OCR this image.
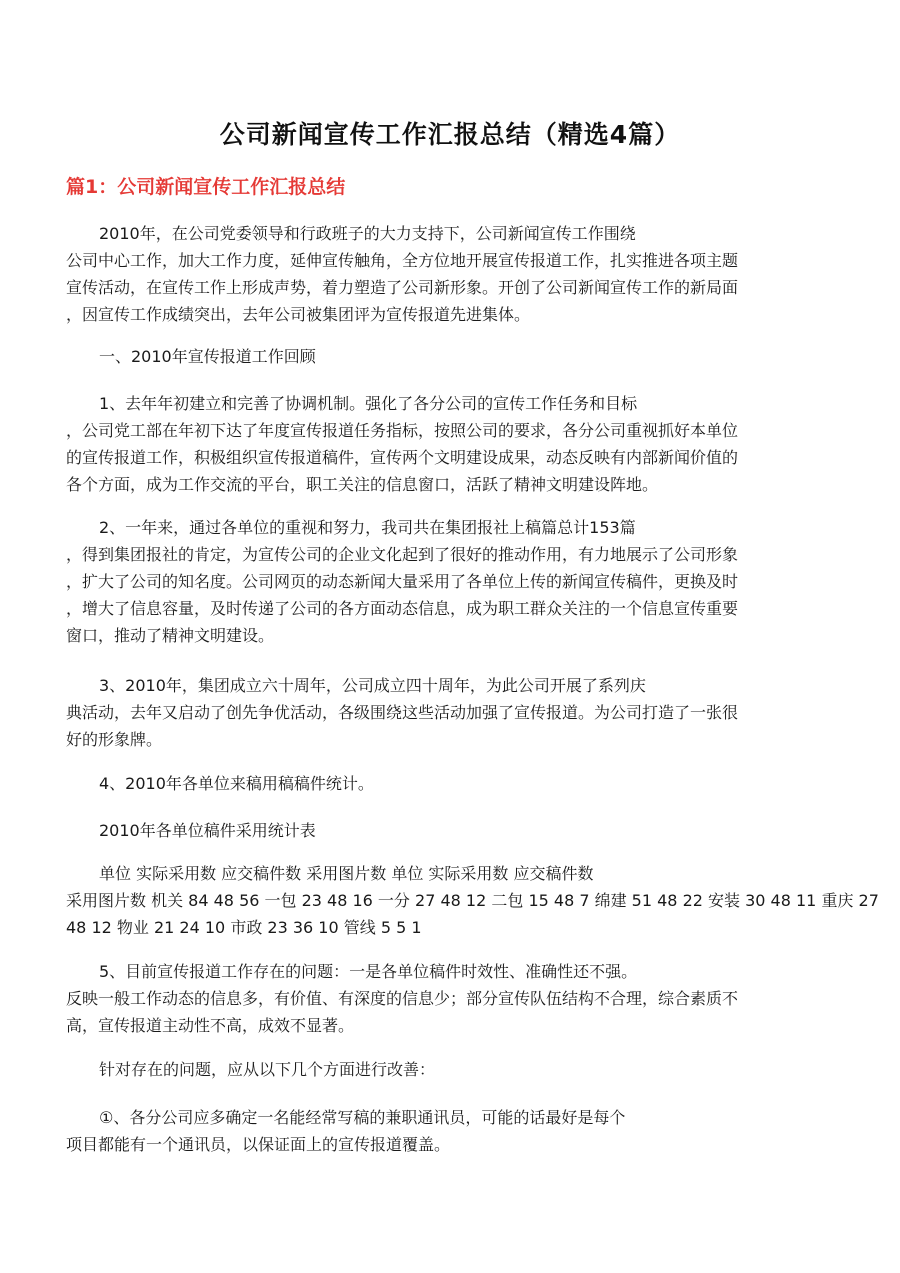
公司新闻宣传工作汇报总结（精选4篇）
篇1：公司新闻宣传工作汇报总结
2010年，在公司党委领导和行政班子的大力支持下，公司新闻宣传工作围绕
公司中心工作，加大工作力度，延伸宣传触角，全方位地开展宣传报道工作，扎实推进各项主题
宣传活动，在宣传工作上形成声势，着力塑造了公司新形象。开创了公司新闻宣传工作的新局面
，因宣传工作成绩突出，去年公司被集团评为宣传报道先进集体。
一、2010年宣传报道工作回顾
1、去年年初建立和完善了协调机制。强化了各分公司的宣传工作任务和目标
，公司党工部在年初下达了年度宣传报道任务指标，按照公司的要求，各分公司重视抓好本单位
的宣传报道工作，积极组织宣传报道稿件，宣传两个文明建设成果，动态反映有内部新闻价值的
各个方面，成为工作交流的平台，职工关注的信息窗口，活跃了精神文明建设阵地。
2、一年来，通过各单位的重视和努力，我司共在集团报社上稿篇总计153篇
，得到集团报社的肯定，为宣传公司的企业文化起到了很好的推动作用，有力地展示了公司形象
，扩大了公司的知名度。公司网页的动态新闻大量采用了各单位上传的新闻宣传稿件，更换及时
，增大了信息容量，及时传递了公司的各方面动态信息，成为职工群众关注的一个信息宣传重要
窗口，推动了精神文明建设。
3、2010年，集团成立六十周年，公司成立四十周年，为此公司开展了系列庆
典活动，去年又启动了创先争优活动，各级围绕这些活动加强了宣传报道。为公司打造了一张很
好的形象牌。
4、2010年各单位来稿用稿稿件统计。
2010年各单位稿件采用统计表
单位 实际采用数 应交稿件数 采用图片数 单位 实际采用数 应交稿件数
采用图片数 机关 84 48 56 一包 23 48 16 一分 27 48 12 二包 15 48 7 绵建 51 48 22 安装 30 48 11 重庆 27
48 12 物业 21 24 10 市政 23 36 10 管线 5 5 1
5、目前宣传报道工作存在的问题：一是各单位稿件时效性、准确性还不强。
反映一般工作动态的信息多，有价值、有深度的信息少；部分宣传队伍结构不合理，综合素质不
高，宣传报道主动性不高，成效不显著。
针对存在的问题，应从以下几个方面进行改善：
①、各分公司应多确定一名能经常写稿的兼职通讯员，可能的话最好是每个
项目都能有一个通讯员，以保证面上的宣传报道覆盖。
